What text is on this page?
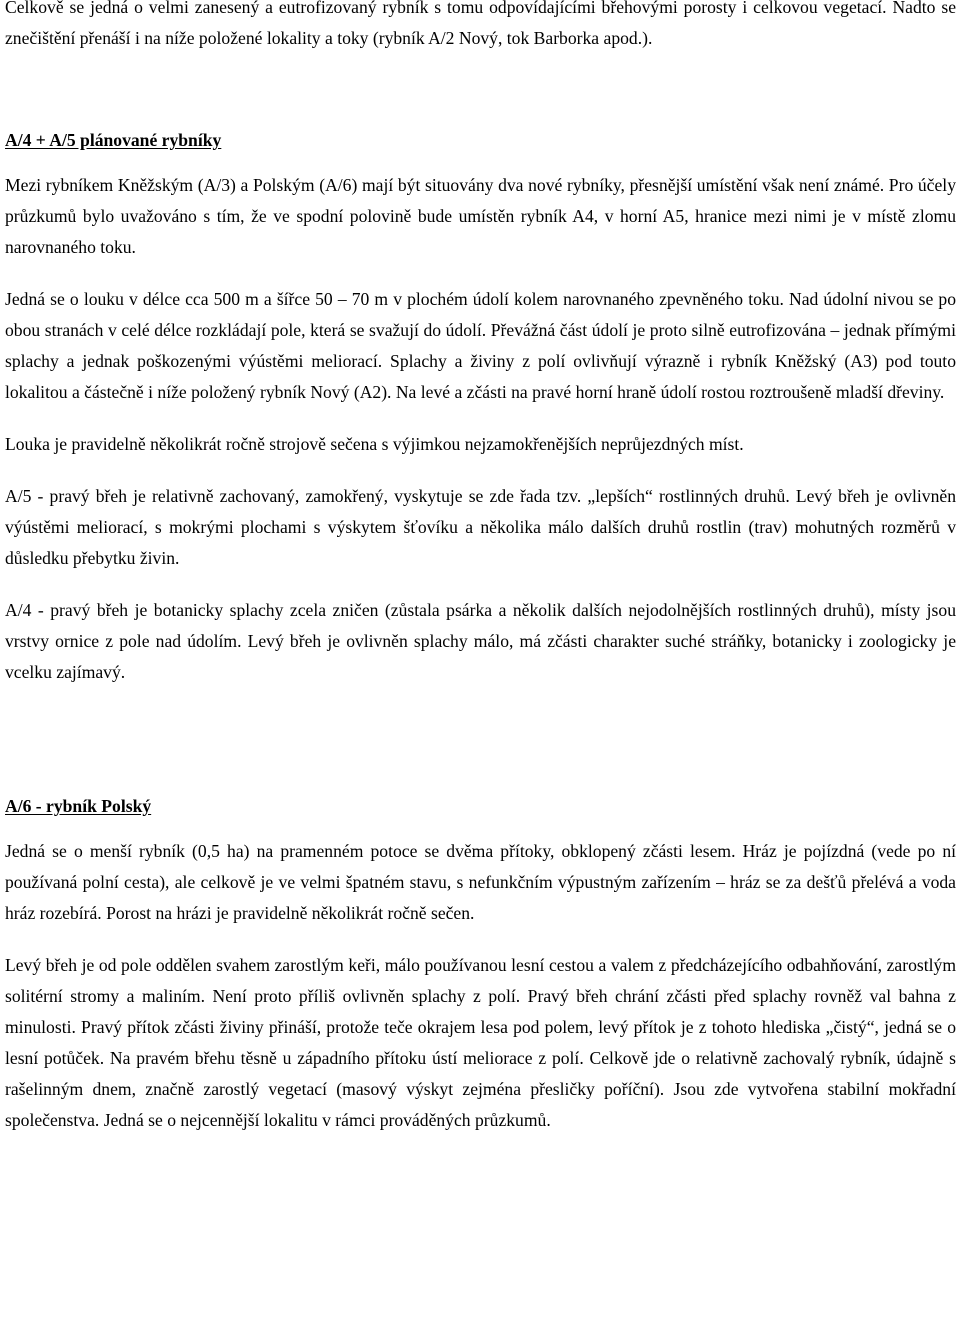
Celkově se jedná o velmi zanesený a eutrofizovaný rybník s tomu odpovídajícími břehovými porosty i celkovou vegetací. Nadto se znečištění přenáší i na níže položené lokality a toky (rybník A/2 Nový, tok Barborka apod.).

A/4 + A/5 plánované rybníky

Mezi rybníkem Kněžským (A/3) a Polským (A/6) mají být situovány dva nové rybníky, přesnější umístění však není známé. Pro účely průzkumů bylo uvažováno s tím, že ve spodní polovině bude umístěn rybník A4, v horní A5, hranice mezi nimi je v místě zlomu narovnaného toku.

Jedná se o louku v délce cca 500 m a šířce 50 – 70 m v plochém údolí kolem narovnaného zpevněného toku. Nad údolní nivou se po obou stranách v celé délce rozkládají pole, která se svažují do údolí. Převážná část údolí je proto silně eutrofizována – jednak přímými splachy a jednak poškozenými výústěmi meliorací. Splachy a živiny z polí ovlivňují výrazně i rybník Kněžský (A3) pod touto lokalitou a částečně i níže položený rybník Nový (A2). Na levé a zčásti na pravé horní hraně údolí rostou roztroušeně mladší dřeviny.

Louka je pravidelně několikrát ročně strojově sečena s výjimkou nejzamokřenějších neprůjezdných míst.

A/5 - pravý břeh je relativně zachovaný, zamokřený, vyskytuje se zde řada tzv. „lepších“ rostlinných druhů. Levý břeh je ovlivněn výústěmi meliorací, s mokrými plochami s výskytem šťovíku a několika málo dalších druhů rostlin (trav) mohutných rozměrů v důsledku přebytku živin.

A/4 - pravý břeh je botanicky splachy zcela zničen (zůstala psárka a několik dalších nejodolnějších rostlinných druhů), místy jsou vrstvy ornice z pole nad údolím. Levý břeh je ovlivněn splachy málo, má zčásti charakter suché stráňky, botanicky i zoologicky je vcelku zajímavý.

A/6 - rybník Polský

Jedná se o menší rybník (0,5 ha) na pramenném potoce se dvěma přítoky, obklopený zčásti lesem. Hráz je pojízdná (vede po ní používaná polní cesta), ale celkově je ve velmi špatném stavu, s nefunkčním výpustným zařízením – hráz se za dešťů přelévá a voda hráz rozebírá. Porost na hrázi je pravidelně několikrát ročně sečen.

Levý břeh je od pole oddělen svahem zarostlým keři, málo používanou lesní cestou a valem z předcházejícího odbahňování, zarostlým solitérní stromy a maliním. Není proto příliš ovlivněn splachy z polí. Pravý břeh chrání zčásti před splachy rovněž val bahna z minulosti. Pravý přítok zčásti živiny přináší, protože teče okrajem lesa pod polem, levý přítok je z tohoto hlediska „čistý“, jedná se o lesní potůček. Na pravém břehu těsně u západního přítoku ústí meliorace z polí. Celkově jde o relativně zachovalý rybník, údajně s rašelinným dnem, značně zarostlý vegetací (masový výskyt zejména přesličky poříční). Jsou zde vytvořena stabilní mokřadní společenstva. Jedná se o nejcennější lokalitu v rámci prováděných průzkumů.
